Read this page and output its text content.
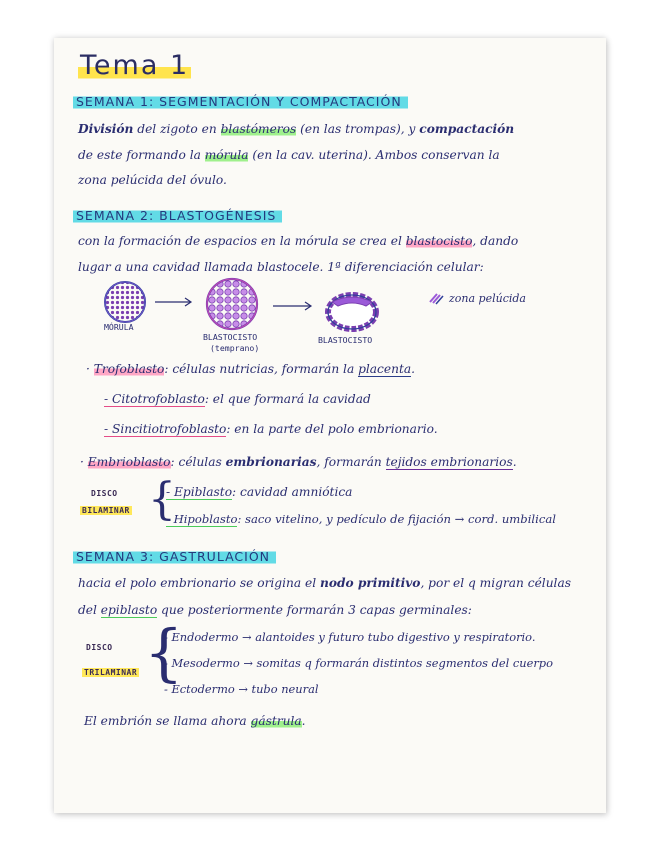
Tema 1
SEMANA 1: SEGMENTACIÓN Y COMPACTACIÓN
División del zigoto en blastómeros (en las trompas), y compactación
de este formando la mórula (en la cav. uterina). Ambos conservan la
zona pelúcida del óvulo.
SEMANA 2: BLASTOGÉNESIS
con la formación de espacios en la mórula se crea el blastocisto, dando
lugar a una cavidad llamada blastocele. 1ª diferenciación celular:
MÓRULA
BLASTOCISTO
(temprano)
BLASTOCISTO
zona pelúcida
· Trofoblasto: células nutricias, formarán la placenta.
- Citotrofoblasto: el que formará la cavidad
- Sincitiotrofoblasto: en la parte del polo embrionario.
· Embrioblasto: células embrionarias, formarán tejidos embrionarios.
DISCO
BILAMINAR {
- Epiblasto: cavidad amniótica
- Hipoblasto: saco vitelino, y pedículo de fijación → cord. umbilical
SEMANA 3: GASTRULACIÓN
hacia el polo embrionario se origina el nodo primitivo, por el q migran células
del epiblasto que posteriormente formarán 3 capas germinales:
DISCO
TRILAMINAR {
- Endodermo → alantoides y futuro tubo digestivo y respiratorio.
- Mesodermo → somitas q formarán distintos segmentos del cuerpo
- Ectodermo → tubo neural
El embrión se llama ahora gástrula.
